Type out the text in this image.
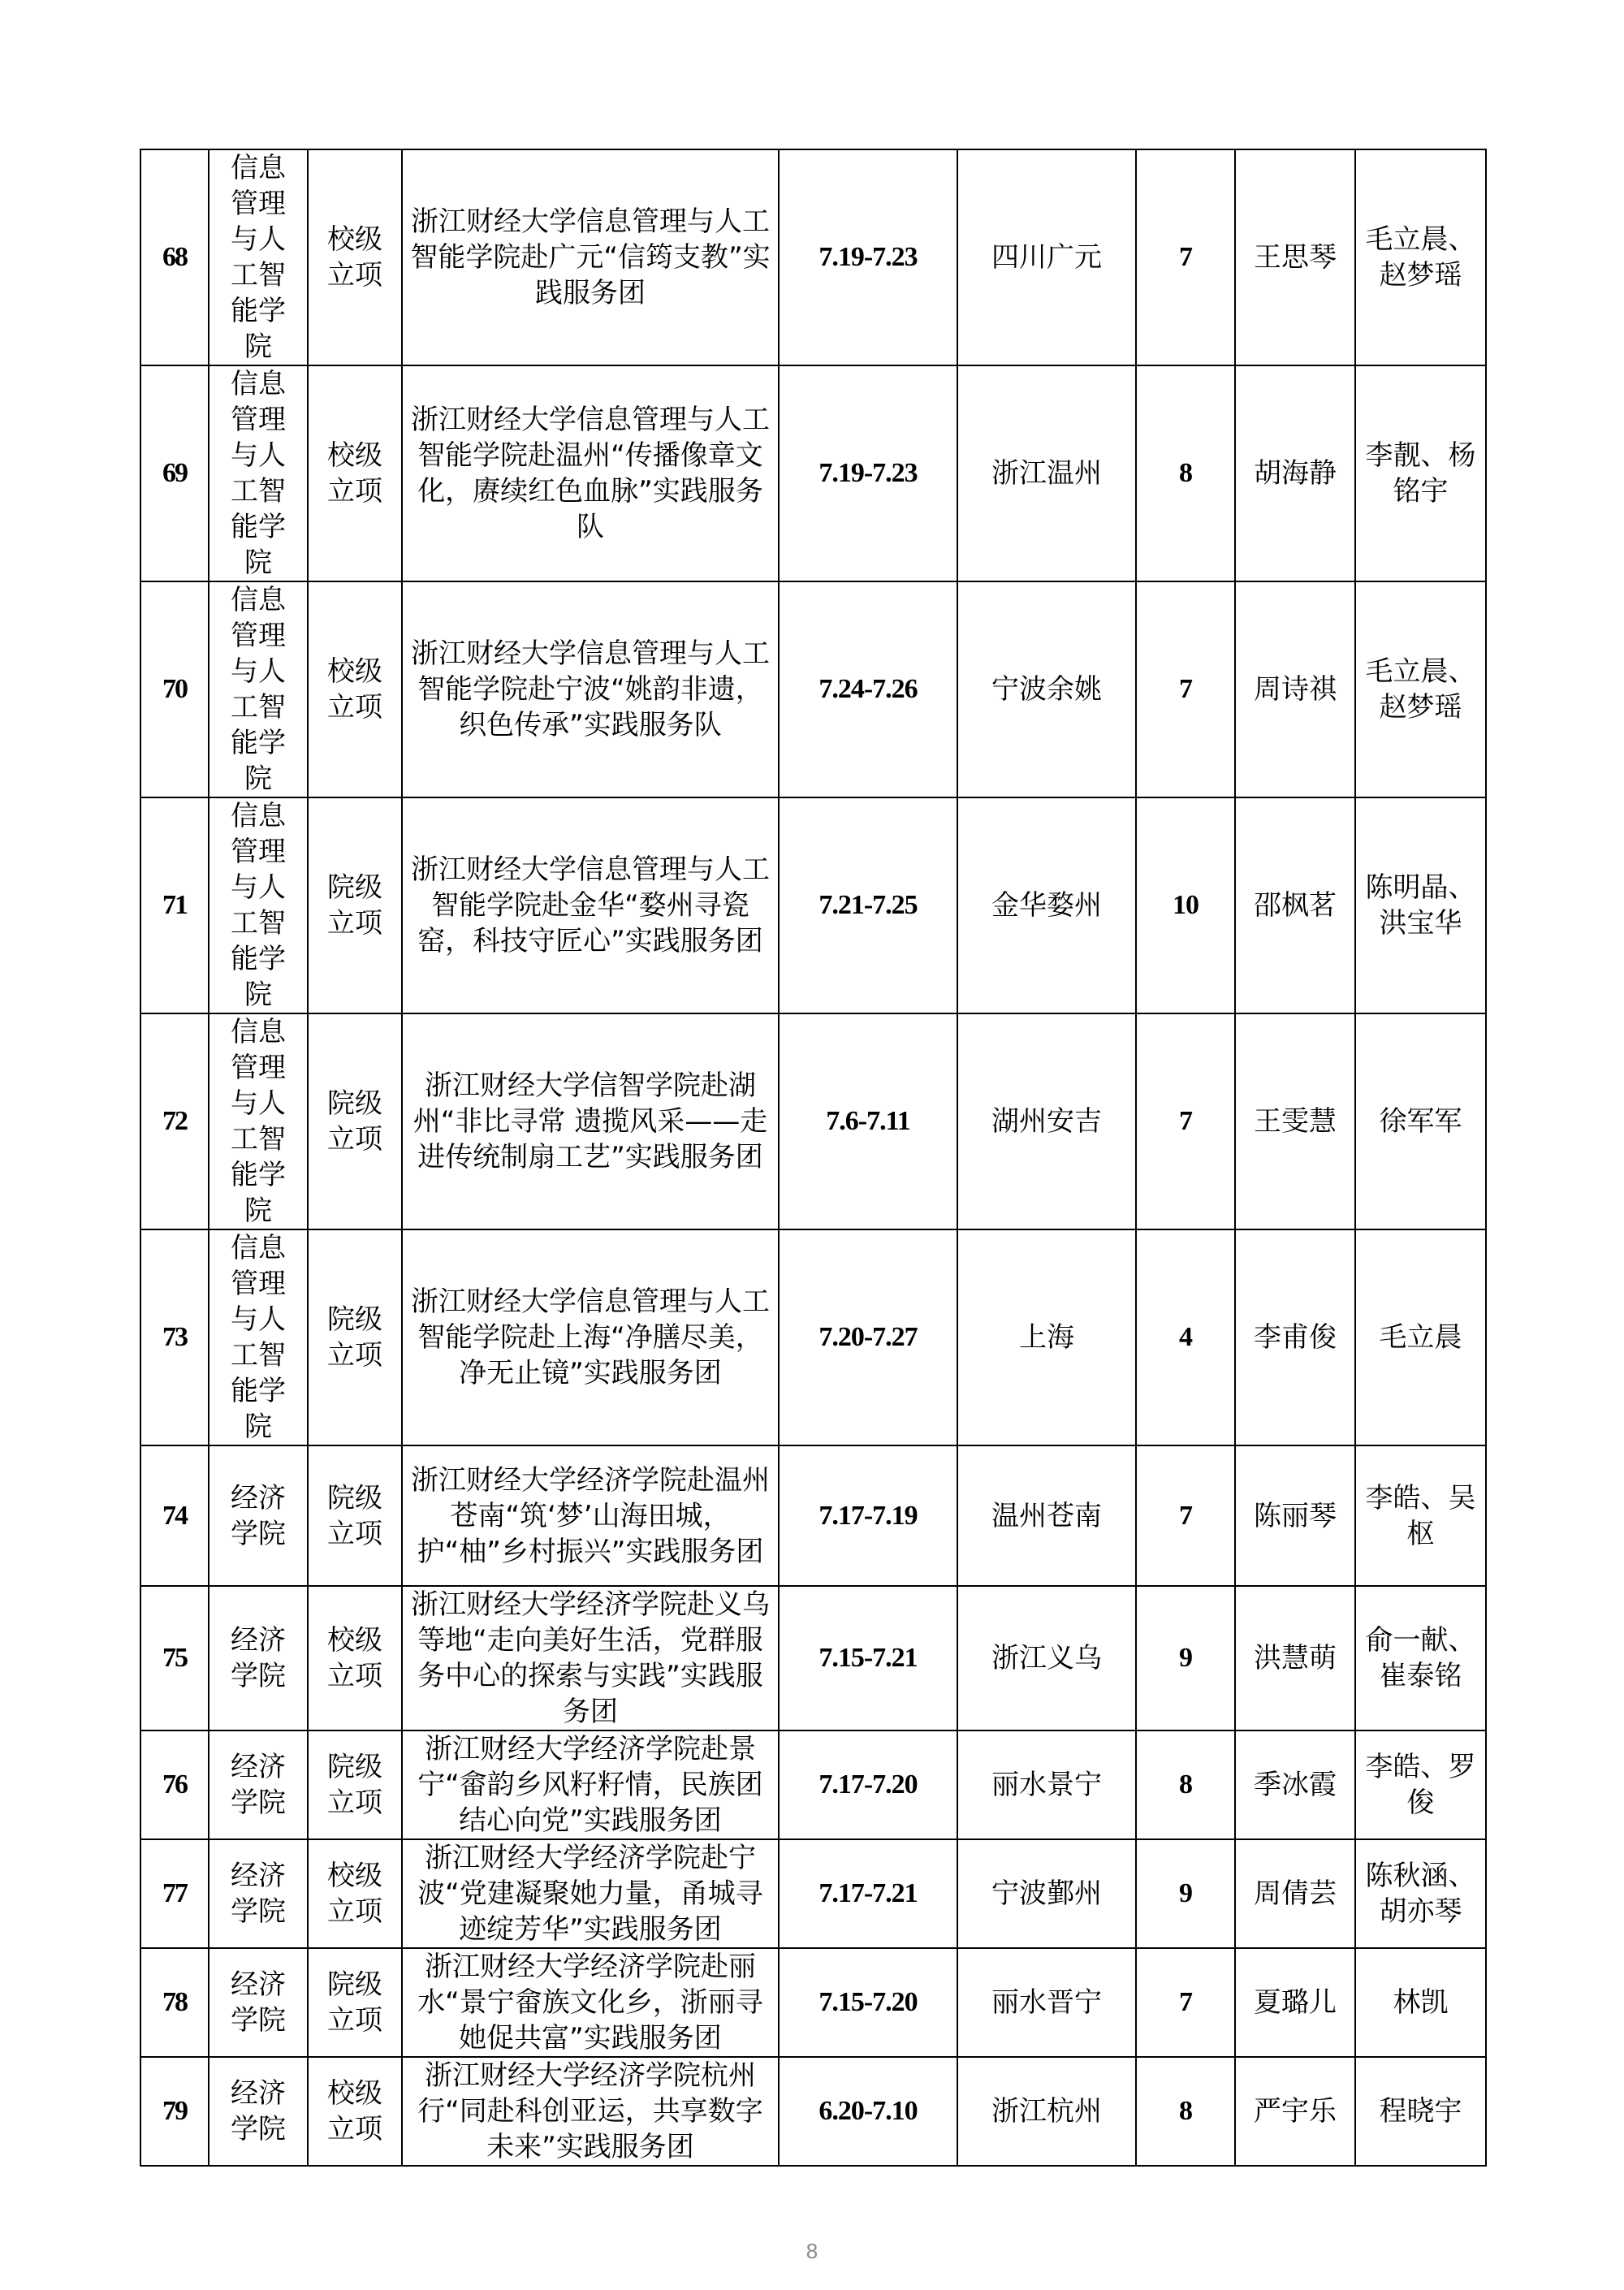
68	信息管理与人工智能学院	校级立项	浙江财经大学信息管理与人工智能学院赴广元“信筠支教”实践服务团	7.19-7.23	四川广元	7	王思琴	毛立晨、赵梦瑶
69	信息管理与人工智能学院	校级立项	浙江财经大学信息管理与人工智能学院赴温州“传播像章文化，赓续红色血脉”实践服务队	7.19-7.23	浙江温州	8	胡海静	李靓、杨铭宇
70	信息管理与人工智能学院	校级立项	浙江财经大学信息管理与人工智能学院赴宁波“姚韵非遗，织色传承”实践服务队	7.24-7.26	宁波余姚	7	周诗祺	毛立晨、赵梦瑶
71	信息管理与人工智能学院	院级立项	浙江财经大学信息管理与人工智能学院赴金华“婺州寻瓷窑，科技守匠心”实践服务团	7.21-7.25	金华婺州	10	邵枫茗	陈明晶、洪宝华
72	信息管理与人工智能学院	院级立项	浙江财经大学信智学院赴湖州“非比寻常 遗揽风采——走进传统制扇工艺”实践服务团	7.6-7.11	湖州安吉	7	王雯慧	徐军军
73	信息管理与人工智能学院	院级立项	浙江财经大学信息管理与人工智能学院赴上海“净膳尽美，净无止镜”实践服务团	7.20-7.27	上海	4	李甫俊	毛立晨
74	经济学院	院级立项	浙江财经大学经济学院赴温州苍南“筑‘梦’山海田城，护“柚”乡村振兴”实践服务团	7.17-7.19	温州苍南	7	陈丽琴	李皓、吴枢
75	经济学院	校级立项	浙江财经大学经济学院赴义乌等地“走向美好生活，党群服务中心的探索与实践”实践服务团	7.15-7.21	浙江义乌	9	洪慧萌	俞一献、崔泰铭
76	经济学院	院级立项	浙江财经大学经济学院赴景宁“畲韵乡风籽籽情，民族团结心向党”实践服务团	7.17-7.20	丽水景宁	8	季冰霞	李皓、罗俊
77	经济学院	校级立项	浙江财经大学经济学院赴宁波“党建凝聚她力量，甬城寻迹绽芳华”实践服务团	7.17-7.21	宁波鄞州	9	周倩芸	陈秋涵、胡亦琴
78	经济学院	院级立项	浙江财经大学经济学院赴丽水“景宁畲族文化乡，浙丽寻她促共富”实践服务团	7.15-7.20	丽水晋宁	7	夏璐儿	林凯
79	经济学院	校级立项	浙江财经大学经济学院杭州行“同赴科创亚运，共享数字未来”实践服务团	6.20-7.10	浙江杭州	8	严宇乐	程晓宇
8
